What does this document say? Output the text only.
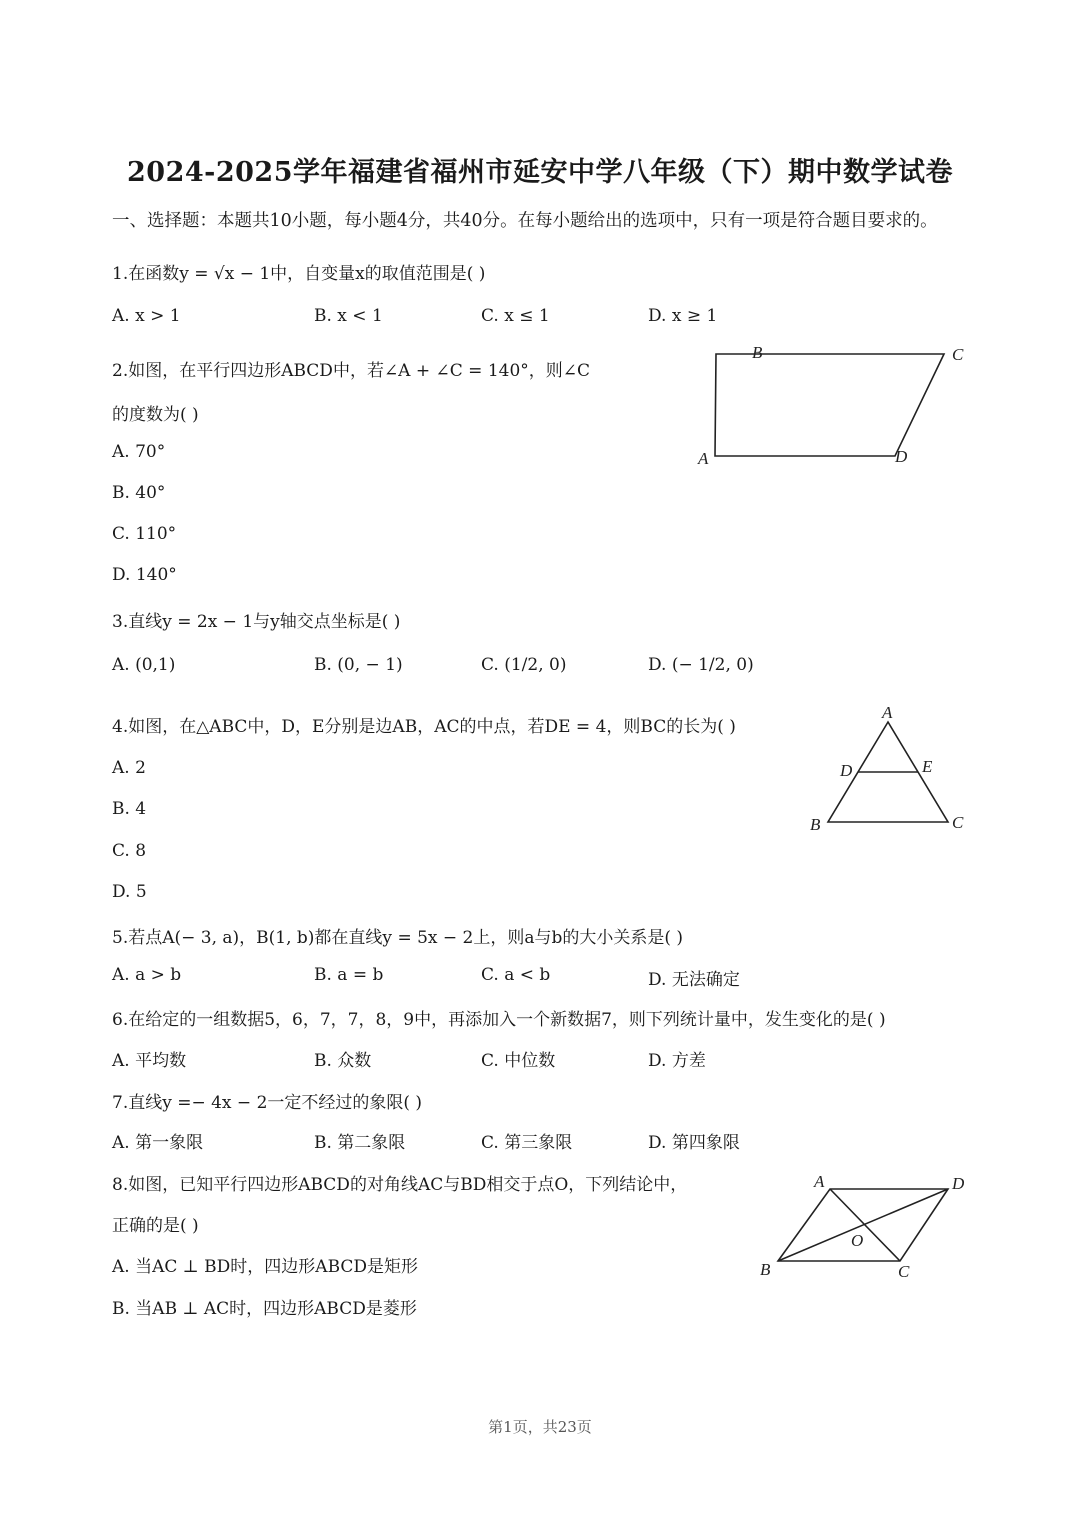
2024-2025学年福建省福州市延安中学八年级（下）期中数学试卷
一、选择题：本题共10小题，每小题4分，共40分。在每小题给出的选项中，只有一项是符合题目要求的。
1.在函数y = √x − 1中，自变量x的取值范围是( )
A. x > 1	B. x < 1	C. x ≤ 1	D. x ≥ 1
2.如图，在平行四边形ABCD中，若∠A + ∠C = 140°，则∠C
的度数为( )
A. 70°
B. 40°
C. 110°
D. 140°
B	C
A	D
3.直线y = 2x − 1与y轴交点坐标是( )
A. (0,1)	B. (0, − 1)	C. (1/2, 0)	D. (− 1/2, 0)
4.如图，在△ABC中，D，E分别是边AB，AC的中点，若DE = 4，则BC的长为( )
A. 2
B. 4
C. 8
D. 5
A
D	E
B	C
5.若点A(− 3, a)，B(1, b)都在直线y = 5x − 2上，则a与b的大小关系是( )
A. a > b	B. a = b	C. a < b	D. 无法确定
6.在给定的一组数据5，6，7，7，8，9中，再添加入一个新数据7，则下列统计量中，发生变化的是( )
A. 平均数	B. 众数	C. 中位数	D. 方差
7.直线y =− 4x − 2一定不经过的象限( )
A. 第一象限	B. 第二象限	C. 第三象限	D. 第四象限
8.如图，已知平行四边形ABCD的对角线AC与BD相交于点O，下列结论中，
正确的是( )
A. 当AC ⊥ BD时，四边形ABCD是矩形
B. 当AB ⊥ AC时，四边形ABCD是菱形
A	D
O
B	C
第1页，共23页
